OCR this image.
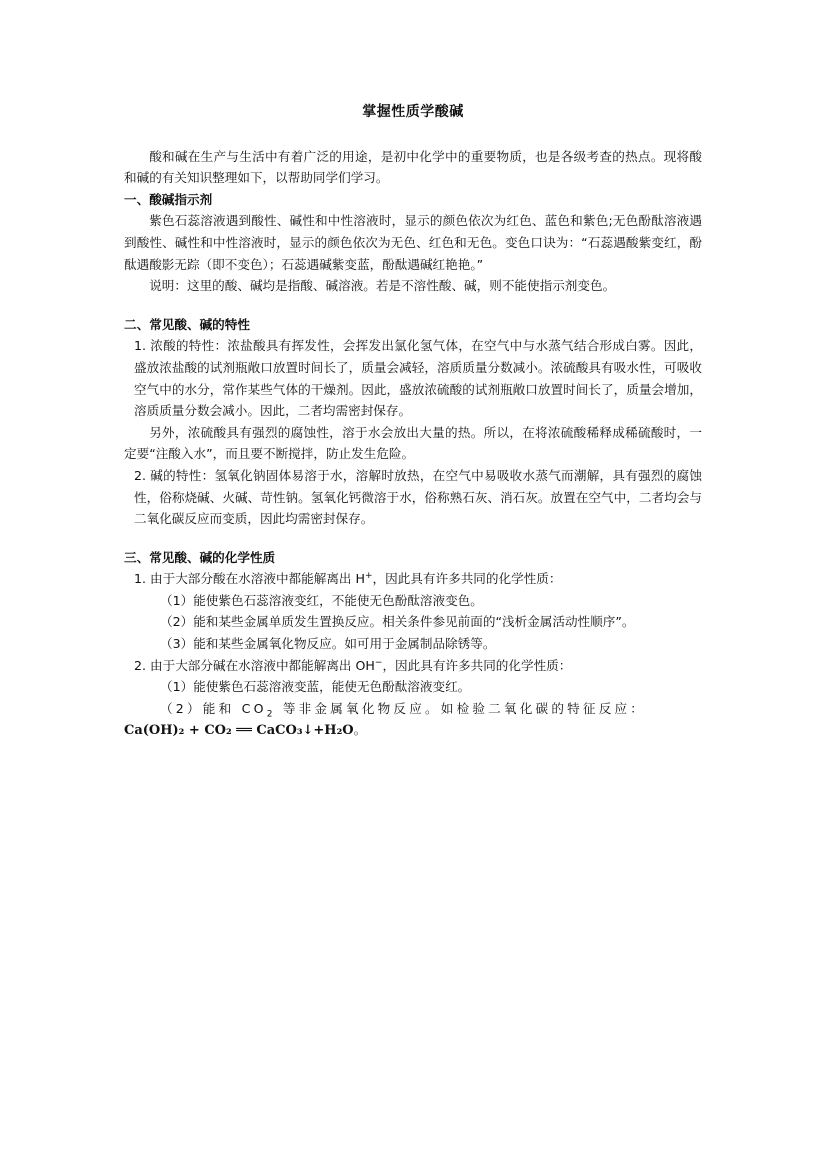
掌握性质学酸碱

酸和碱在生产与生活中有着广泛的用途，是初中化学中的重要物质，也是各级考查的热点。现将酸和碱的有关知识整理如下，以帮助同学们学习。

一、酸碱指示剂

紫色石蕊溶液遇到酸性、碱性和中性溶液时，显示的颜色依次为红色、蓝色和紫色;无色酚酞溶液遇到酸性、碱性和中性溶液时，显示的颜色依次为无色、红色和无色。变色口诀为：“石蕊遇酸紫变红，酚酞遇酸影无踪（即不变色）；石蕊遇碱紫变蓝，酚酞遇碱红艳艳。”

说明：这里的酸、碱均是指酸、碱溶液。若是不溶性酸、碱，则不能使指示剂变色。

二、常见酸、碱的特性

1. 浓酸的特性：浓盐酸具有挥发性，会挥发出氯化氢气体，在空气中与水蒸气结合形成白雾。因此，盛放浓盐酸的试剂瓶敞口放置时间长了，质量会减轻，溶质质量分数减小。浓硫酸具有吸水性，可吸收空气中的水分，常作某些气体的干燥剂。因此，盛放浓硫酸的试剂瓶敞口放置时间长了，质量会增加，溶质质量分数会减小。因此，二者均需密封保存。

另外，浓硫酸具有强烈的腐蚀性，溶于水会放出大量的热。所以，在将浓硫酸稀释成稀硫酸时，一定要“注酸入水”，而且要不断搅拌，防止发生危险。

2. 碱的特性：氢氧化钠固体易溶于水，溶解时放热，在空气中易吸收水蒸气而潮解，具有强烈的腐蚀性，俗称烧碱、火碱、苛性钠。氢氧化钙微溶于水，俗称熟石灰、消石灰。放置在空气中，二者均会与二氧化碳反应而变质，因此均需密封保存。

三、常见酸、碱的化学性质

1. 由于大部分酸在水溶液中都能解离出 H+，因此具有许多共同的化学性质：

（1）能使紫色石蕊溶液变红，不能使无色酚酞溶液变色。

（2）能和某些金属单质发生置换反应。相关条件参见前面的“浅析金属活动性顺序”。

（3）能和某些金属氧化物反应。如可用于金属制品除锈等。

2. 由于大部分碱在水溶液中都能解离出 OH−，因此具有许多共同的化学性质：

（1）能使紫色石蕊溶液变蓝，能使无色酚酞溶液变红。

（2）能和 $CO_2$ 等非金属氧化物反应。如检验二氧化碳的特征反应：

Ca(OH)₂ + CO₂ ══ CaCO₃↓+H₂O。
